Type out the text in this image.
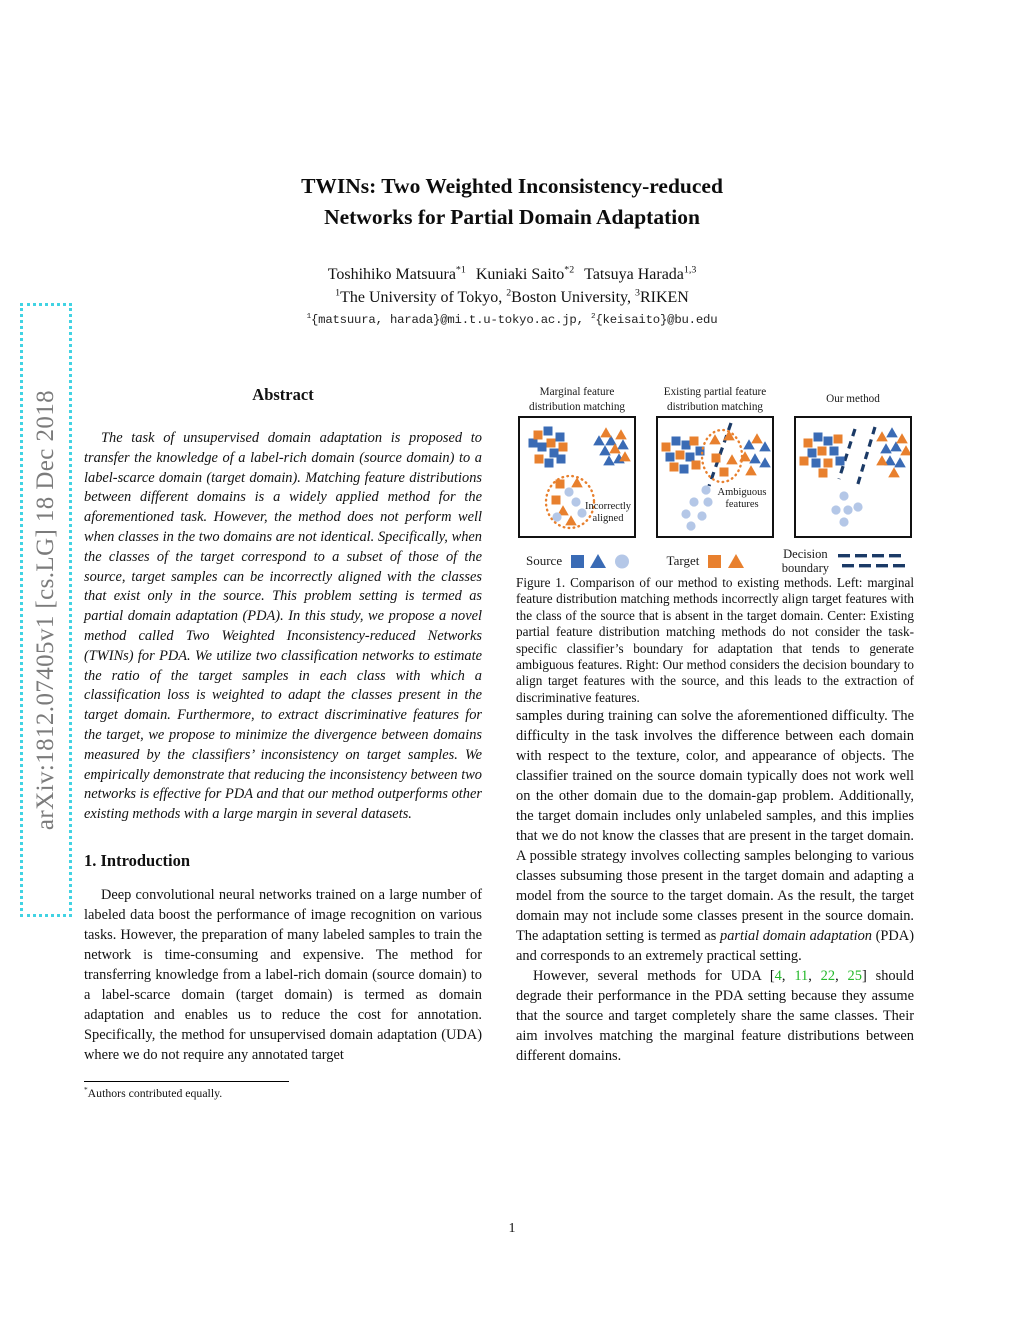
arXiv:1812.07405v1 [cs.LG] 18 Dec 2018
TWINs: Two Weighted Inconsistency-reduced
Networks for Partial Domain Adaptation
Toshihiko Matsuura$^{*1}$ Kuniaki Saito$^{*2}$ Tatsuya Harada$^{1,3}$
$^1$The University of Tokyo, $^2$Boston University, $^3$RIKEN
$^1${matsuura, harada}@mi.t.u-tokyo.ac.jp, $^2${keisaito}@bu.edu
Abstract

The task of unsupervised domain adaptation is proposed to transfer the knowledge of a label-rich domain (source domain) to a label-scarce domain (target domain). Matching feature distributions between different domains is a widely applied method for the aforementioned task. However, the method does not perform well when classes in the two domains are not identical. Specifically, when the classes of the target correspond to a subset of those of the source, target samples can be incorrectly aligned with the classes that exist only in the source. This problem setting is termed as partial domain adaptation (PDA). In this study, we propose a novel method called Two Weighted Inconsistency-reduced Networks (TWINs) for PDA. We utilize two classification networks to estimate the ratio of the target samples in each class with which a classification loss is weighted to adapt the classes present in the target domain. Furthermore, to extract discriminative features for the target, we propose to minimize the divergence between domains measured by the classifiers’ inconsistency on target samples. We empirically demonstrate that reducing the inconsistency between two networks is effective for PDA and that our method outperforms other existing methods with a large margin in several datasets.

1. Introduction

Deep convolutional neural networks trained on a large number of labeled data boost the performance of image recognition on various tasks. However, the preparation of many labeled samples to train the network is time-consuming and expensive. The method for transferring knowledge from a label-rich domain (source domain) to a label-scarce domain (target domain) is termed as domain adaptation and enables us to reduce the cost for annotation. Specifically, the method for unsupervised domain adaptation (UDA) where we do not require any annotated target

*Authors contributed equally.
Marginal feature distribution matching
Incorrectly
aligned
Existing partial feature distribution matching
Ambiguous
features
Our method
Source	Target	Decision
boundary

Figure 1. Comparison of our method to existing methods. Left: marginal feature distribution matching methods incorrectly align target features with the class of the source that is absent in the target domain. Center: Existing partial feature distribution matching methods do not consider the task-specific classifier’s boundary for adaptation that tends to generate ambiguous features. Right: Our method considers the decision boundary to align target features with the source, and this leads to the extraction of discriminative features.

samples during training can solve the aforementioned difficulty. The difficulty in the task involves the difference between each domain with respect to the texture, color, and appearance of objects. The classifier trained on the source domain typically does not work well on the other domain due to the domain-gap problem. Additionally, the target domain includes only unlabeled samples, and this implies that we do not know the classes that are present in the target domain. A possible strategy involves collecting samples belonging to various classes subsuming those present in the target domain and adapting a model from the source to the target domain. As the result, the target domain may not include some classes present in the source domain. The adaptation setting is termed as partial domain adaptation (PDA) and corresponds to an extremely practical setting.

However, several methods for UDA [4, 11, 22, 25] should degrade their performance in the PDA setting because they assume that the source and target completely share the same classes. Their aim involves matching the marginal feature distributions between different domains.

1
